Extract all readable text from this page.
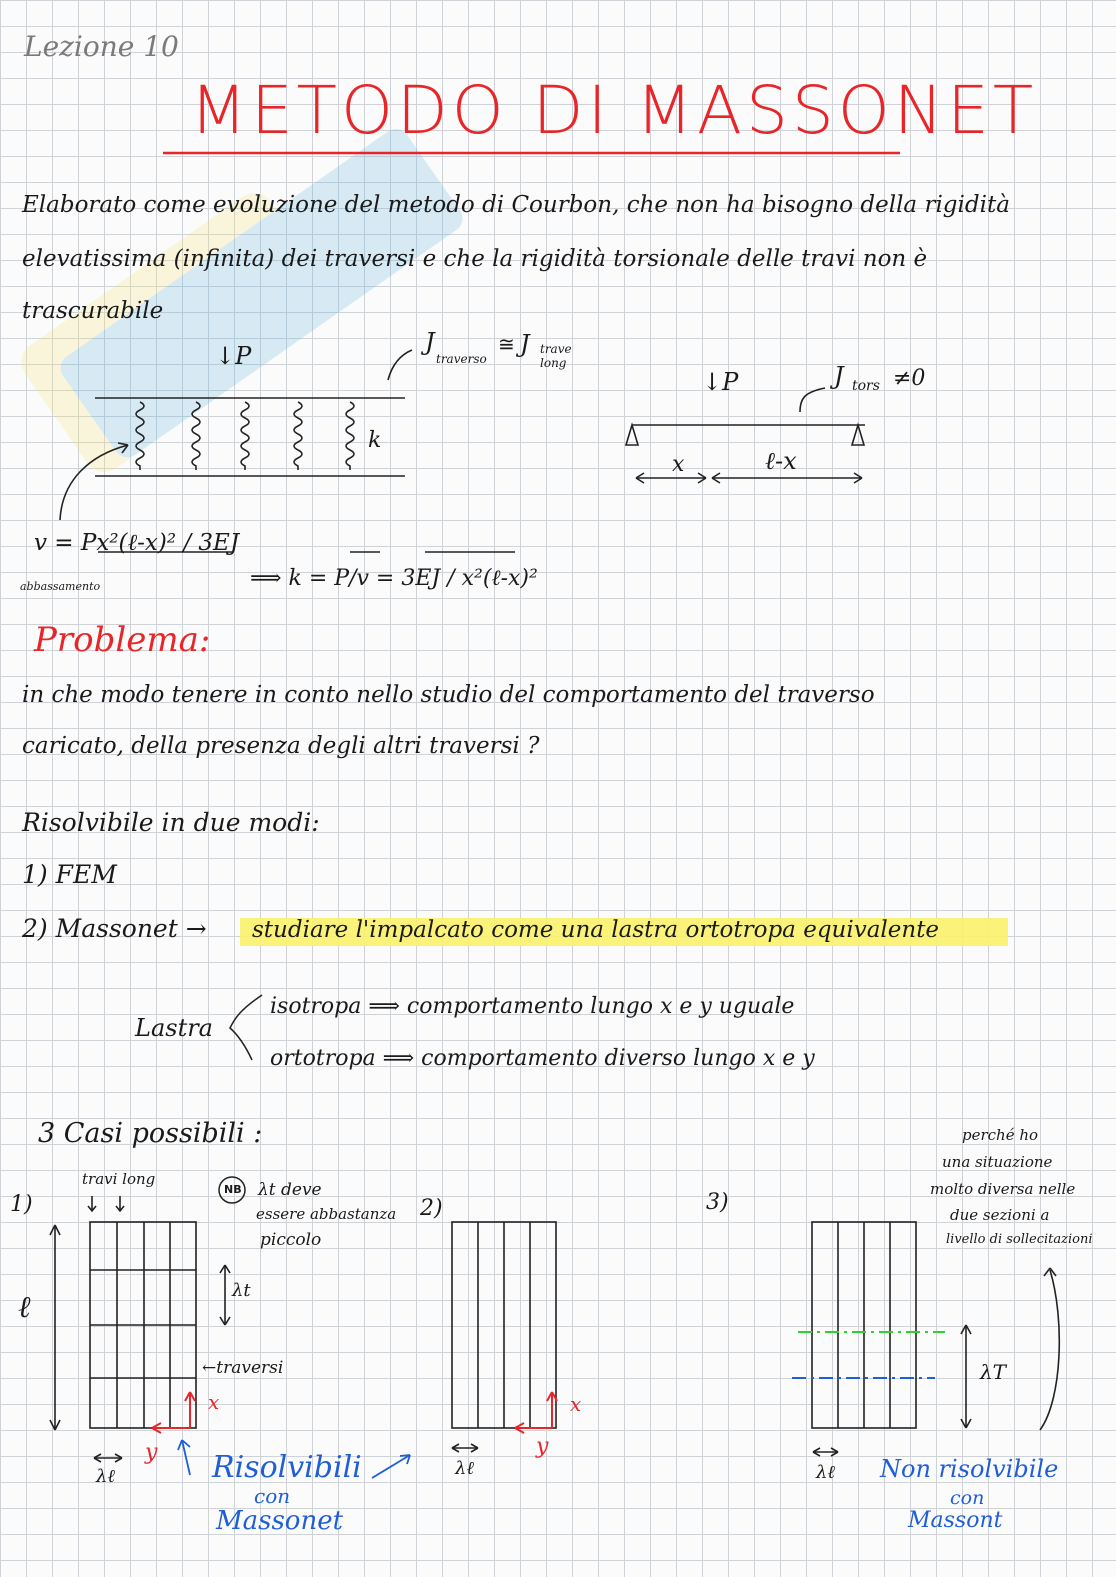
Lezione 10
METODO DI MASSONET
Elaborato come evoluzione del metodo di Courbon, che non ha bisogno della rigidità
elevatissima (infinita) dei traversi e che la rigidità torsionale delle travi non è
trascurabile
↓P	J
traverso
≅ J trave long
k
v = Px²(ℓ-x)² / 3EJ
abbassamento	⟹ k = P/v = 3EJ / x²(ℓ-x)²
↓P	J tors ≠0
x	ℓ-x
Problema:
in che modo tenere in conto nello studio del comportamento del traverso
caricato, della presenza degli altri traversi ?
Risolvibile in due modi:
1) FEM
2) Massonet → studiare l'impalcato come una lastra ortotropa equivalente
Lastra
isotropa ⟹ comportamento lungo x e y uguale
ortotropa ⟹ comportamento diverso lungo x e y
3 Casi possibili :
1)
travi long
NB λt deve
essere abbastanza
piccolo
ℓ	λt
←traversi
x
y
λℓ
2)
x
y
λℓ
3)
perché ho
una situazione
molto diversa nelle
due sezioni a
livello di sollecitazioni
λT
λℓ
Risolvibili
con
Massonet
Non risolvibile
con
Massont
